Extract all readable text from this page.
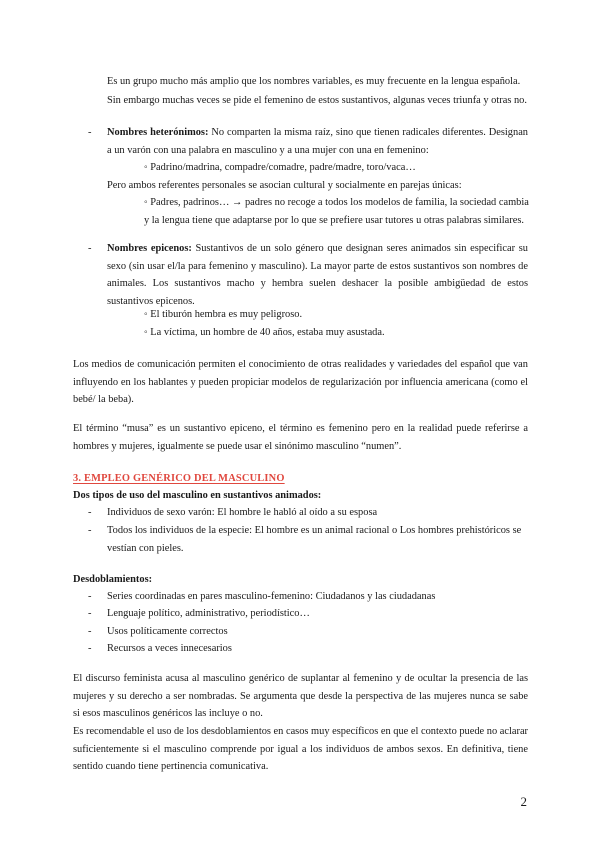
Es un grupo mucho más amplio que los nombres variables, es muy frecuente en la lengua española.

Sin embargo muchas veces se pide el femenino de estos sustantivos, algunas veces triunfa y otras no.

- Nombres heterónimos: No comparten la misma raíz, sino que tienen radicales diferentes. Designan a un varón con una palabra en masculino y a una mujer con una en femenino:

◦ Padrino/madrina, compadre/comadre, padre/madre, toro/vaca…

Pero ambos referentes personales se asocian cultural y socialmente en parejas únicas:

◦ Padres, padrinos… → padres no recoge a todos los modelos de familia, la sociedad cambia y la lengua tiene que adaptarse por lo que se prefiere usar tutores u otras palabras similares.

- Nombres epicenos: Sustantivos de un solo género que designan seres animados sin especificar su sexo (sin usar el/la para femenino y masculino). La mayor parte de estos sustantivos son nombres de animales. Los sustantivos macho y hembra suelen deshacer la posible ambigüedad de estos sustantivos epicenos.

◦ El tiburón hembra es muy peligroso.

◦ La víctima, un hombre de 40 años, estaba muy asustada.

Los medios de comunicación permiten el conocimiento de otras realidades y variedades del español que van influyendo en los hablantes y pueden propiciar modelos de regularización por influencia americana (como el bebé/ la beba).

El término “musa” es un sustantivo epiceno, el término es femenino pero en la realidad puede referirse a hombres y mujeres, igualmente se puede usar el sinónimo masculino “numen”.

3. EMPLEO GENÉRICO DEL MASCULINO

Dos tipos de uso del masculino en sustantivos animados:

- Individuos de sexo varón: El hombre le habló al oído a su esposa

- Todos los individuos de la especie: El hombre es un animal racional o Los hombres prehistóricos se vestían con pieles.

Desdoblamientos:

- Series coordinadas en pares masculino-femenino: Ciudadanos y las ciudadanas

- Lenguaje político, administrativo, periodístico…

- Usos políticamente correctos

- Recursos a veces innecesarios

El discurso feminista acusa al masculino genérico de suplantar al femenino y de ocultar la presencia de las mujeres y su derecho a ser nombradas. Se argumenta que desde la perspectiva de las mujeres nunca se sabe si esos masculinos genéricos las incluye o no.

Es recomendable el uso de los desdoblamientos en casos muy específicos en que el contexto puede no aclarar suficientemente si el masculino comprende por igual a los individuos de ambos sexos. En definitiva, tiene sentido cuando tiene pertinencia comunicativa.

2
